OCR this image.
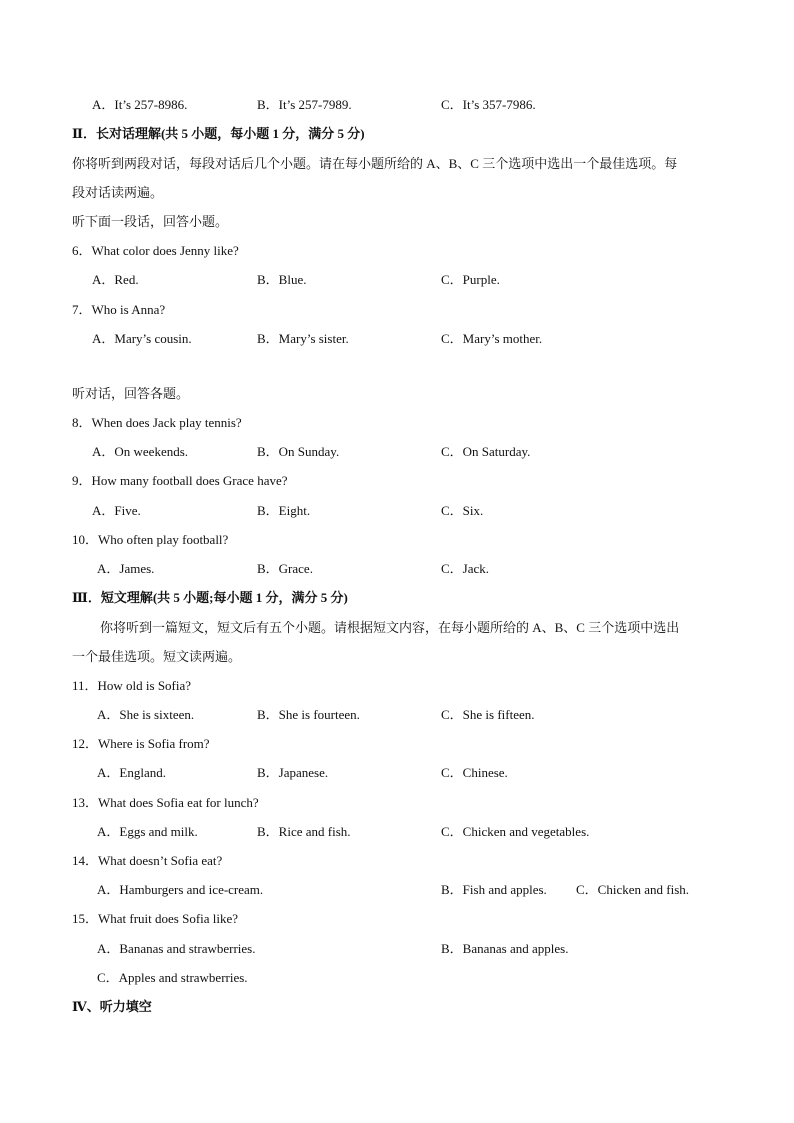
A．It’s 257-8986.	B．It’s 257-7989.	C．It’s 357-7986.
Ⅱ．长对话理解(共 5 小题，每小题 1 分，满分 5 分)
你将听到两段对话，每段对话后几个小题。请在每小题所给的 A、B、C 三个选项中选出一个最佳选项。每
段对话读两遍。
听下面一段话，回答小题。
6．What color does Jenny like?
A．Red.	B．Blue.	C．Purple.
7．Who is Anna?
A．Mary’s cousin.	B．Mary’s sister.	C．Mary’s mother.
听对话，回答各题。
8．When does Jack play tennis?
A．On weekends.	B．On Sunday.	C．On Saturday.
9．How many football does Grace have?
A．Five.	B．Eight.	C．Six.
10．Who often play football?
A．James.	B．Grace.	C．Jack.
Ⅲ．短文理解(共 5 小题;每小题 1 分，满分 5 分)
你将听到一篇短文，短文后有五个小题。请根据短文内容，在每小题所给的 A、B、C 三个选项中选出
一个最佳选项。短文读两遍。
11．How old is Sofia?
A．She is sixteen.	B．She is fourteen.	C．She is fifteen.
12．Where is Sofia from?
A．England.	B．Japanese.	C．Chinese.
13．What does Sofia eat for lunch?
A．Eggs and milk.	B．Rice and fish.	C．Chicken and vegetables.
14．What doesn’t Sofia eat?
A．Hamburgers and ice-cream.	B．Fish and apples. C．Chicken and fish.
15．What fruit does Sofia like?
A．Bananas and strawberries.	B．Bananas and apples.
C．Apples and strawberries.
Ⅳ、听力填空
